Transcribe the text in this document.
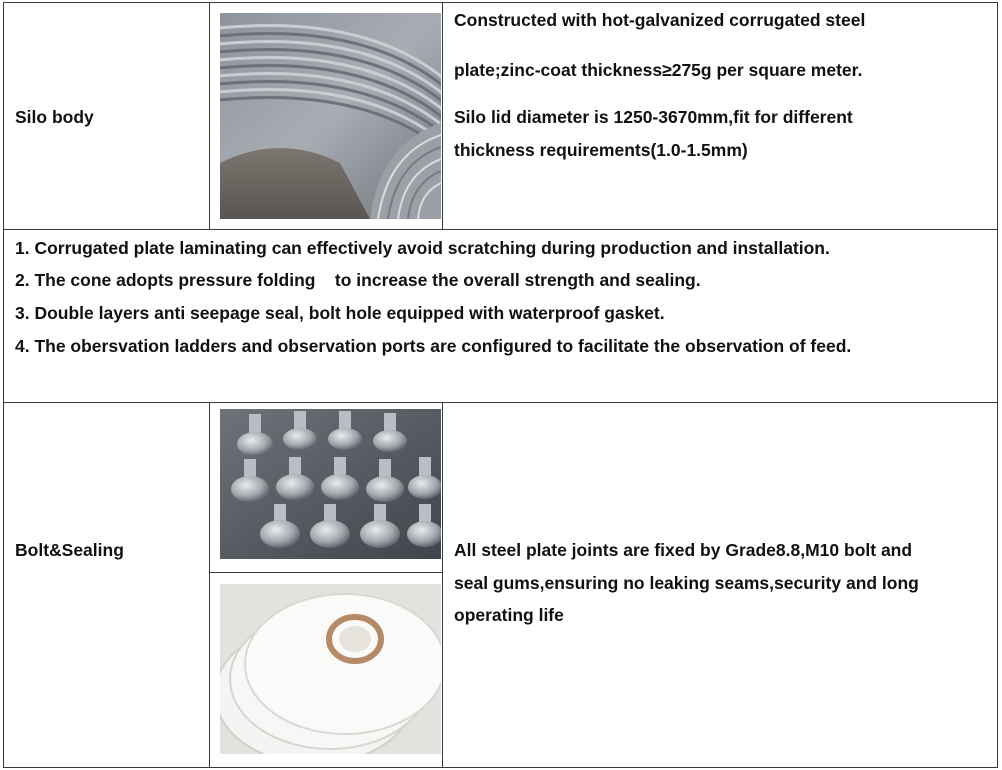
Silo body
Constructed with hot-galvanized corrugated steel
plate;zinc-coat thickness≥275g per square meter.
Silo lid diameter is 1250-3670mm,fit for different
thickness requirements(1.0-1.5mm)
1. Corrugated plate laminating can effectively avoid scratching during production and installation.
2. The cone adopts pressure folding    to increase the overall strength and sealing.
3. Double layers anti seepage seal, bolt hole equipped with waterproof gasket.
4. The obersvation ladders and observation ports are configured to facilitate the observation of feed.
Bolt&Sealing	All steel plate joints are fixed by Grade8.8,M10 bolt and
seal gums,ensuring no leaking seams,security and long
operating life
